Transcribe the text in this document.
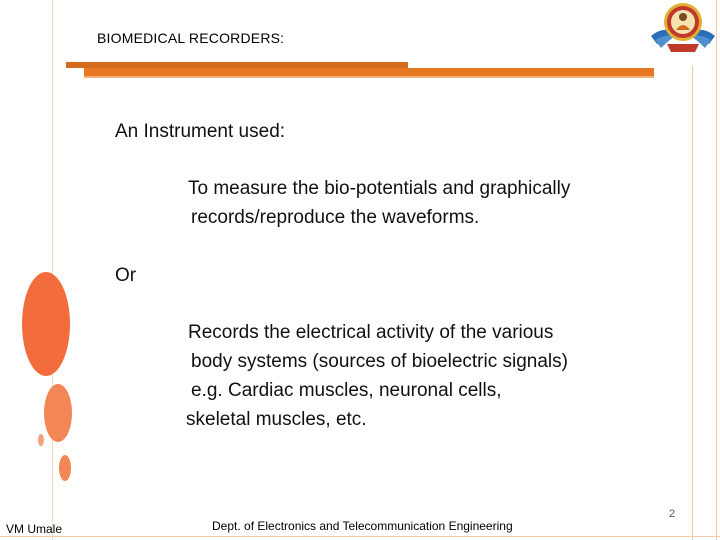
BIOMEDICAL RECORDERS:
An Instrument used:
To measure the bio-potentials and graphically
records/reproduce the waveforms.
Or
Records the electrical activity of the various
body systems (sources of bioelectric signals)
e.g. Cardiac muscles, neuronal cells,
skeletal muscles, etc.
VM Umale	Dept. of Electronics and Telecommunication Engineering
2
